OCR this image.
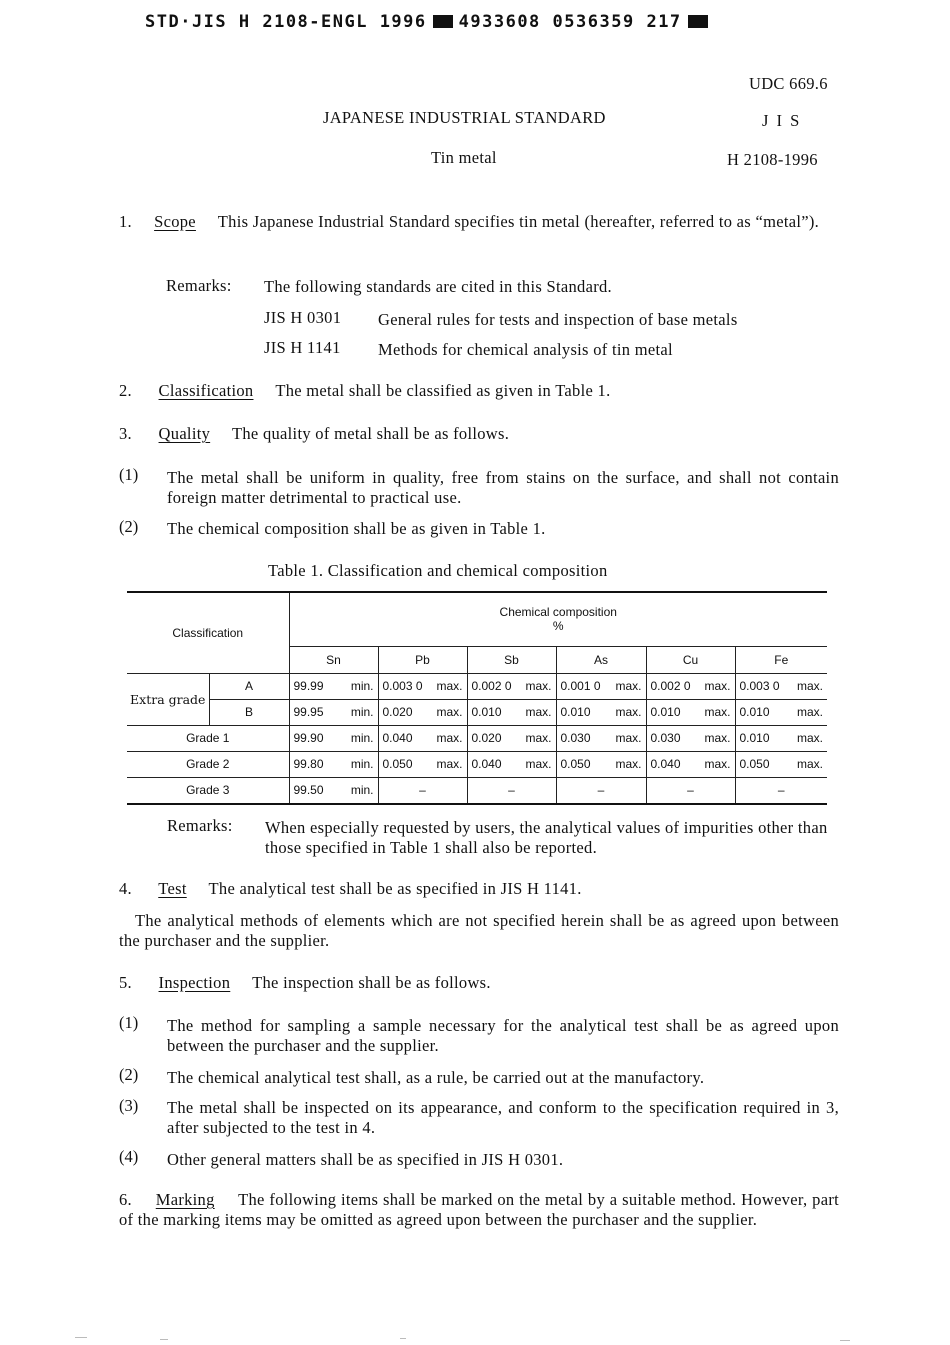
STD·JIS H 2108-ENGL 1996 4933608 0536359 217
UDC 669.6
JAPANESE INDUSTRIAL STANDARD	J I S
Tin metal	H 2108-1996
1. Scope This Japanese Industrial Standard specifies tin metal (hereafter, referred to as “metal”).
Remarks: The following standards are cited in this Standard.
JIS H 0301 General rules for tests and inspection of base metals
JIS H 1141 Methods for chemical analysis of tin metal
2. Classification The metal shall be classified as given in Table 1.
3. Quality The quality of metal shall be as follows.
(1) The metal shall be uniform in quality, free from stains on the surface, and shall not contain foreign matter detrimental to practical use.
(2) The chemical composition shall be as given in Table 1.
Table 1. Classification and chemical composition
Classification		Chemical composition
%					

		Sn	Pb	Sb	As	Cu	Fe
Extra grade	A	99.99 min.	0.003 0 max.	0.002 0 max.	0.001 0 max.	0.002 0 max.	0.003 0 max.

	B	99.95 min.	0.020 max.	0.010 max.	0.010 max.	0.010 max.	0.010 max.

Grade 1		99.90 min.	0.040 max.	0.020 max.	0.030 max.	0.030 max.	0.010 max.

Grade 2		99.80 min.	0.050 max.	0.040 max.	0.050 max.	0.040 max.	0.050 max.

Grade 3		99.50 min.	–	–	–	–	–
Remarks: When especially requested by users, the analytical values of impurities other than those specified in Table 1 shall also be reported.
4. Test The analytical test shall be as specified in JIS H 1141.
The analytical methods of elements which are not specified herein shall be as agreed upon between the purchaser and the supplier.
5. Inspection The inspection shall be as follows.
(1) The method for sampling a sample necessary for the analytical test shall be as agreed upon between the purchaser and the supplier.
(2) The chemical analytical test shall, as a rule, be carried out at the manufactory.
(3) The metal shall be inspected on its appearance, and conform to the specification required in 3, after subjected to the test in 4.
(4) Other general matters shall be as specified in JIS H 0301.
6. Marking The following items shall be marked on the metal by a suitable method. However, part of the marking items may be omitted as agreed upon between the purchaser and the supplier.
